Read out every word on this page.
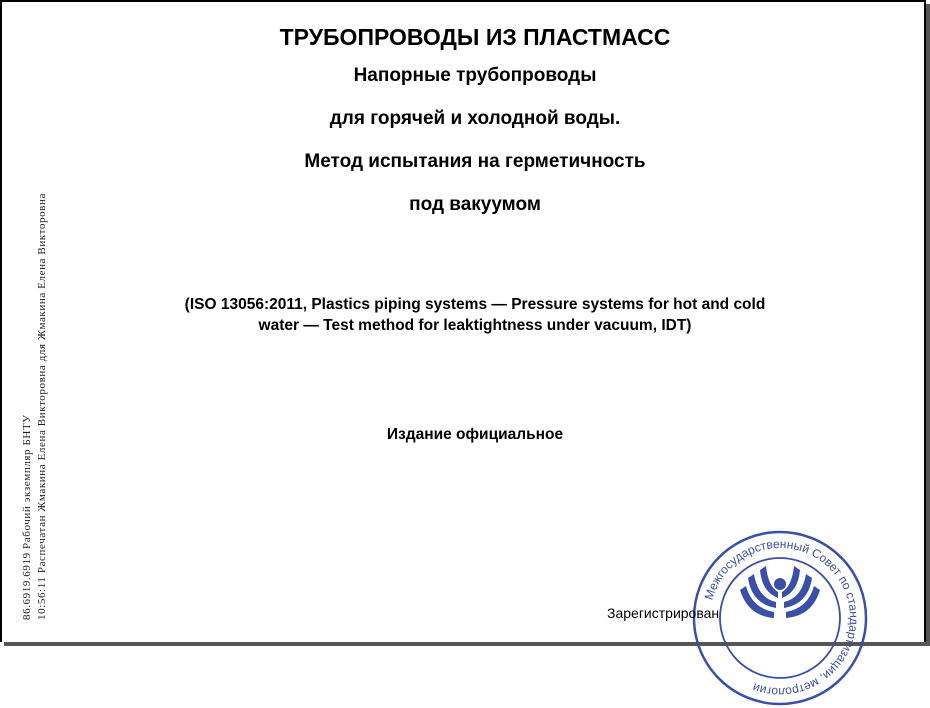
86.6919.6919 Рабочий экземпляр БНТУ 10:56:11 Распечатан Жмакина Елена Викторовна для Жмакина Елена Викторовна

ТРУБОПРОВОДЫ ИЗ ПЛАСТМАСС

Напорные трубопроводы

для горячей и холодной воды.

Метод испытания на герметичность

под вакуумом

(ISO 13056:2011, Plastics piping systems — Pressure systems for hot and cold
water — Test method for leaktightness under vacuum, IDT)
Издание официальное
Межгосударственный Совет по стандартизации, метрологии
Зарегистрирован
